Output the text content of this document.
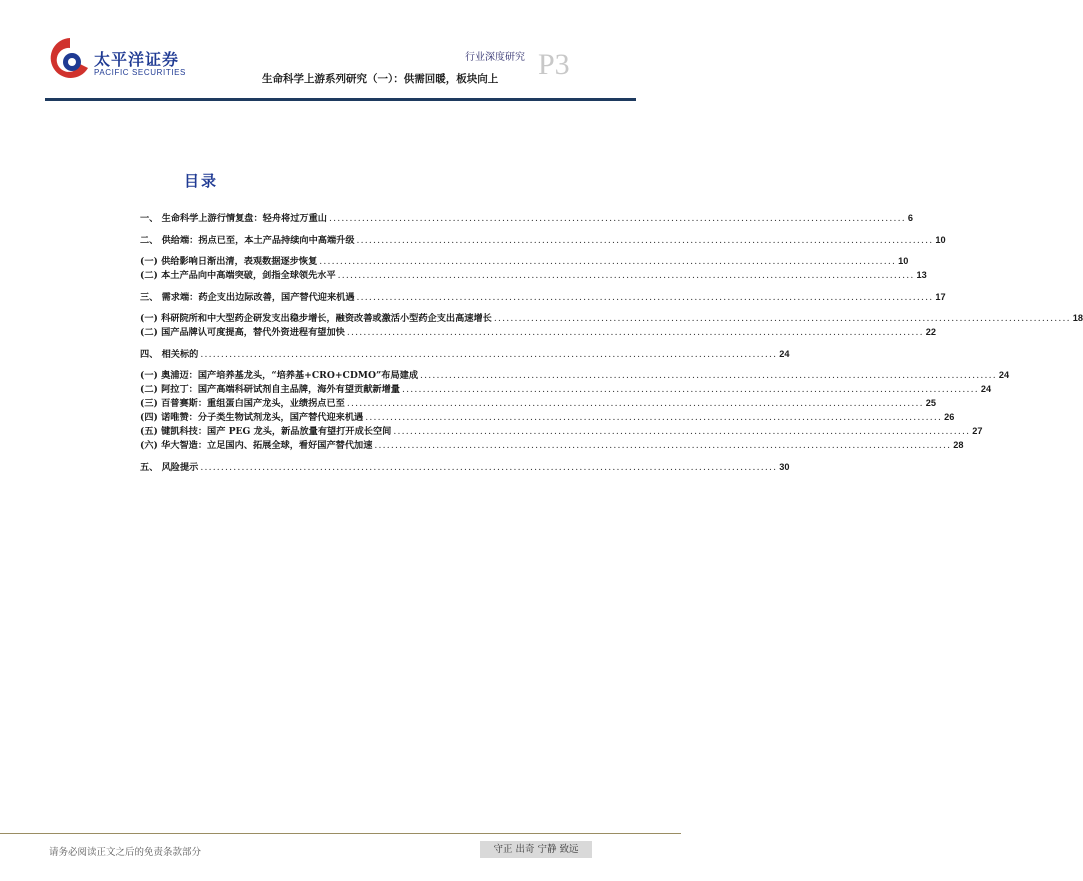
太平洋证券
PACIFIC SECURITIES
行业深度研究
生命科学上游系列研究（一）：供需回暖，板块向上 P3
目录
一、 生命科学上游行情复盘：轻舟将过万重山 ............................................................................................................................................ 6
二、 供给端：拐点已至，本土产品持续向中高端升级 ............................................................................................................................................ 10
(一) 供给影响日渐出清，表观数据逐步恢复 ............................................................................................................................................ 10
(二) 本土产品向中高端突破，剑指全球领先水平 ............................................................................................................................................ 13
三、 需求端：药企支出边际改善，国产替代迎来机遇 ............................................................................................................................................ 17
(一) 科研院所和中大型药企研发支出稳步增长，融资改善或激活小型药企支出高速增长 ............................................................................................................................................ 18
(二) 国产品牌认可度提高，替代外资进程有望加快 ............................................................................................................................................ 22
四、 相关标的 ............................................................................................................................................ 24
(一) 奥浦迈：国产培养基龙头，“培养基+CRO+CDMO”布局建成 ............................................................................................................................................ 24
(二) 阿拉丁：国产高端科研试剂自主品牌，海外有望贡献新增量 ............................................................................................................................................ 24
(三) 百普赛斯：重组蛋白国产龙头，业绩拐点已至 ............................................................................................................................................ 25
(四) 诺唯赞：分子类生物试剂龙头，国产替代迎来机遇 ............................................................................................................................................ 26
(五) 键凯科技：国产 PEG 龙头，新品放量有望打开成长空间 ............................................................................................................................................ 27
(六) 华大智造：立足国内、拓展全球，看好国产替代加速 ............................................................................................................................................ 28
五、 风险提示 ............................................................................................................................................ 30
请务必阅读正文之后的免责条款部分	守正 出奇 宁静 致远
